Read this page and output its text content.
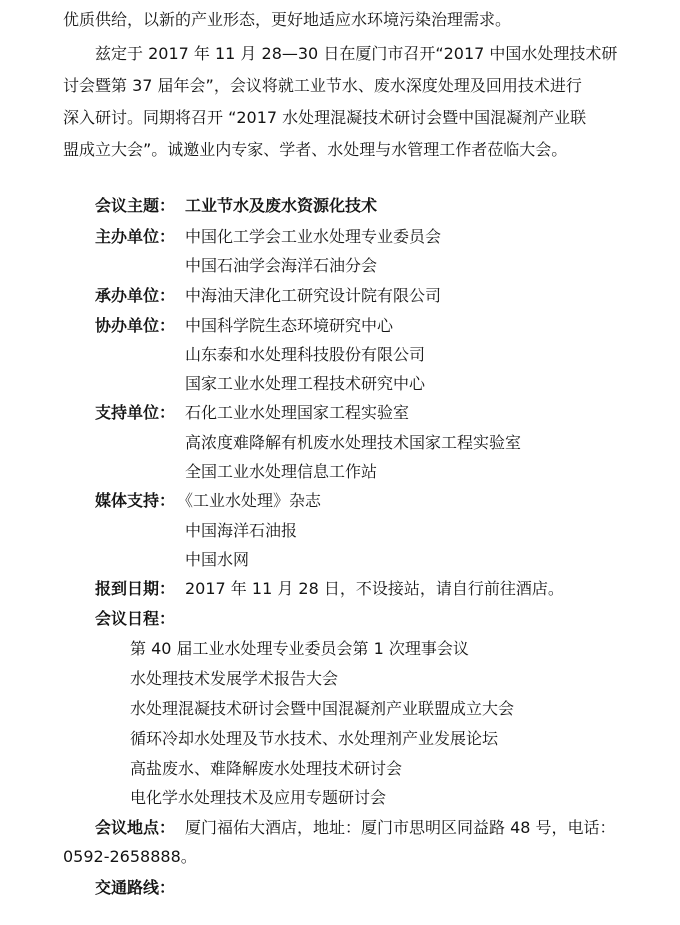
优质供给，以新的产业形态，更好地适应水环境污染治理需求。
兹定于 2017 年 11 月 28—30 日在厦门市召开“2017 中国水处理技术研
讨会暨第 37 届年会”，会议将就工业节水、废水深度处理及回用技术进行
深入研讨。同期将召开 “2017 水处理混凝技术研讨会暨中国混凝剂产业联
盟成立大会”。诚邀业内专家、学者、水处理与水管理工作者莅临大会。
会议主题： 工业节水及废水资源化技术
主办单位： 中国化工学会工业水处理专业委员会
中国石油学会海洋石油分会
承办单位： 中海油天津化工研究设计院有限公司
协办单位： 中国科学院生态环境研究中心
山东泰和水处理科技股份有限公司
国家工业水处理工程技术研究中心
支持单位： 石化工业水处理国家工程实验室
高浓度难降解有机废水处理技术国家工程实验室
全国工业水处理信息工作站
媒体支持： 《工业水处理》杂志
中国海洋石油报
中国水网
报到日期： 2017 年 11 月 28 日，不设接站，请自行前往酒店。
会议日程：
第 40 届工业水处理专业委员会第 1 次理事会议
水处理技术发展学术报告大会
水处理混凝技术研讨会暨中国混凝剂产业联盟成立大会
循环冷却水处理及节水技术、水处理剂产业发展论坛
高盐废水、难降解废水处理技术研讨会
电化学水处理技术及应用专题研讨会
会议地点： 厦门福佑大酒店，地址：厦门市思明区同益路 48 号，电话：
0592-2658888。
交通路线：
